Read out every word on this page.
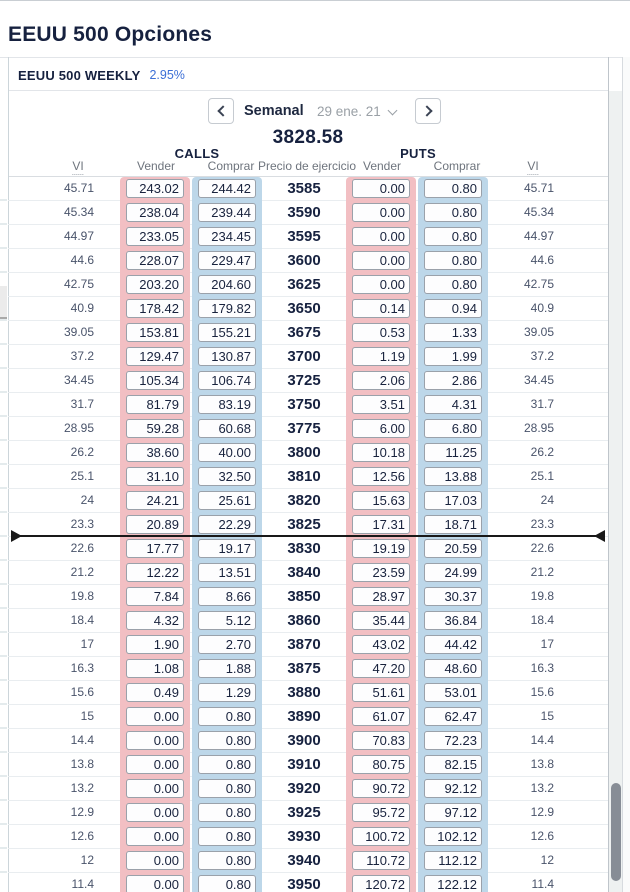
EEUU 500 Opciones
EEUU 500 WEEKLY 2.95%
Semanal 29 ene. 21
3828.58
CALLS	PUTS
VI	Vender	Comprar Precio de ejercicio Vender	Comprar	VI
45.71	243.02	244.42	3585	0.00	0.80	45.71
45.34	238.04	239.44	3590	0.00	0.80	45.34
44.97	233.05	234.45	3595	0.00	0.80	44.97
44.6	228.07	229.47	3600	0.00	0.80	44.6
42.75	203.20	204.60	3625	0.00	0.80	42.75
40.9	178.42	179.82	3650	0.14	0.94	40.9
39.05	153.81	155.21	3675	0.53	1.33	39.05
37.2	129.47	130.87	3700	1.19	1.99	37.2
34.45	105.34	106.74	3725	2.06	2.86	34.45
31.7	81.79	83.19	3750	3.51	4.31	31.7
28.95	59.28	60.68	3775	6.00	6.80	28.95
26.2	38.60	40.00	3800	10.18	11.25	26.2
25.1	31.10	32.50	3810	12.56	13.88	25.1
24	24.21	25.61	3820	15.63	17.03	24
23.3	20.89	22.29	3825	17.31	18.71	23.3
22.6	17.77	19.17	3830	19.19	20.59	22.6
21.2	12.22	13.51	3840	23.59	24.99	21.2
19.8	7.84	8.66	3850	28.97	30.37	19.8
18.4	4.32	5.12	3860	35.44	36.84	18.4
17	1.90	2.70	3870	43.02	44.42	17
16.3	1.08	1.88	3875	47.20	48.60	16.3
15.6	0.49	1.29	3880	51.61	53.01	15.6
15	0.00	0.80	3890	61.07	62.47	15
14.4	0.00	0.80	3900	70.83	72.23	14.4
13.8	0.00	0.80	3910	80.75	82.15	13.8
13.2	0.00	0.80	3920	90.72	92.12	13.2
12.9	0.00	0.80	3925	95.72	97.12	12.9
12.6	0.00	0.80	3930	100.72	102.12	12.6
12	0.00	0.80	3940	110.72	112.12	12
11.4	0.00	0.80	3950	120.72	122.12	11.4
